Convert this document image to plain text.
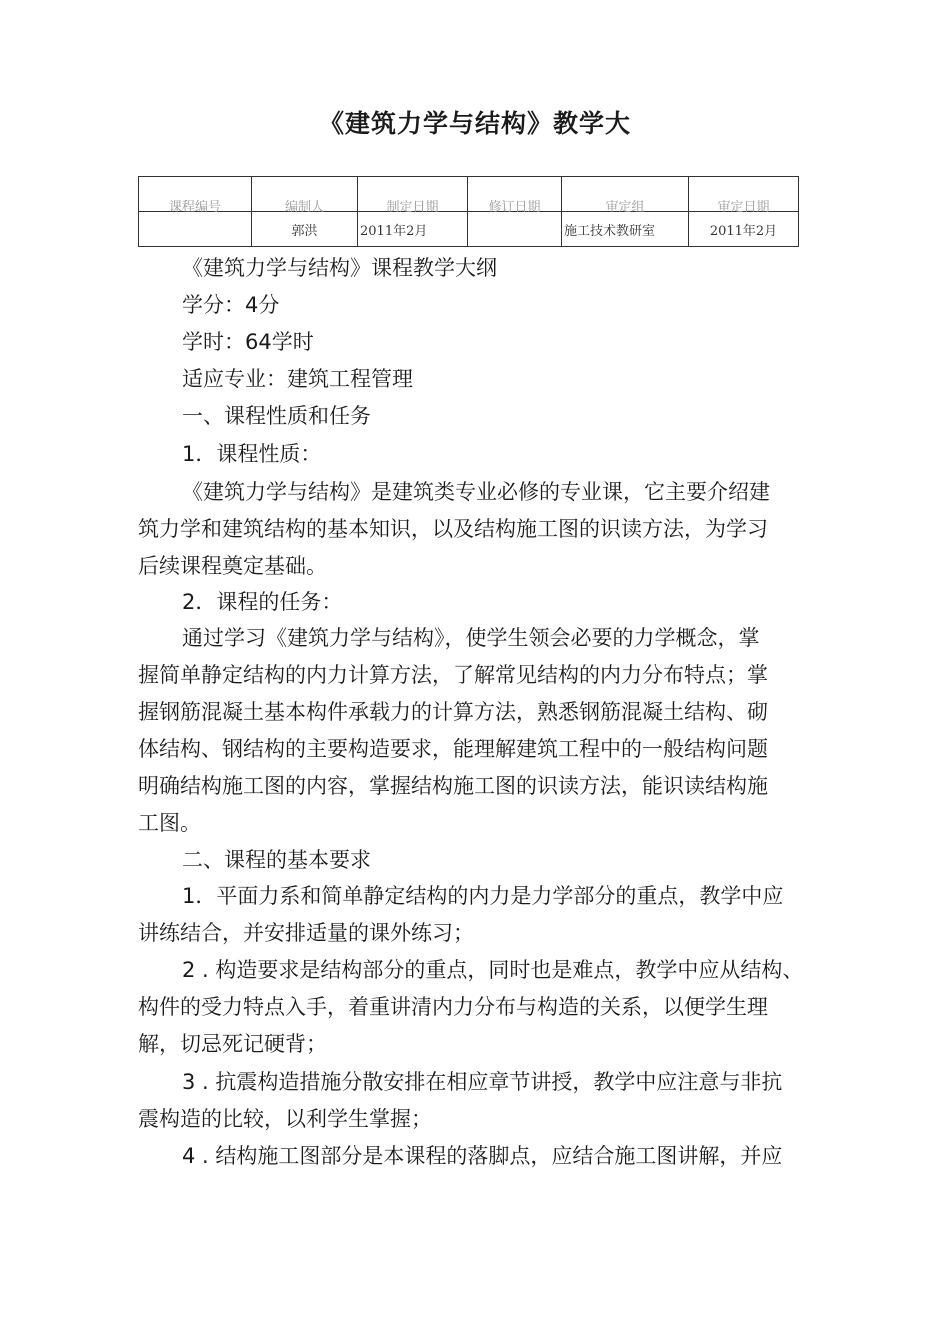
《建筑力学与结构》教学大
课程编号	编制人	制定日期	修订日期	审定组	审定日期

	郭洪	2011年2月		施工技术教研室	2011年2月

《建筑力学与结构》课程教学大纲

学分：4分

学时：64学时

适应专业：建筑工程管理

一、课程性质和任务

1．课程性质：

《建筑力学与结构》是建筑类专业必修的专业课，它主要介绍建
筑力学和建筑结构的基本知识，以及结构施工图的识读方法，为学习
后续课程奠定基础。

2．课程的任务：

通过学习《建筑力学与结构》，使学生领会必要的力学概念，掌
握简单静定结构的内力计算方法，了解常见结构的内力分布特点；掌
握钢筋混凝土基本构件承载力的计算方法，熟悉钢筋混凝土结构、砌
体结构、钢结构的主要构造要求，能理解建筑工程中的一般结构问题
明确结构施工图的内容，掌握结构施工图的识读方法，能识读结构施
工图。

二、课程的基本要求

1．平面力系和简单静定结构的内力是力学部分的重点，教学中应
讲练结合，并安排适量的课外练习；
2 . 构造要求是结构部分的重点，同时也是难点，教学中应从结构、
构件的受力特点入手，着重讲清内力分布与构造的关系，以便学生理
解，切忌死记硬背；
3 . 抗震构造措施分散安排在相应章节讲授，教学中应注意与非抗
震构造的比较，以利学生掌握；
4 . 结构施工图部分是本课程的落脚点，应结合施工图讲解，并应
